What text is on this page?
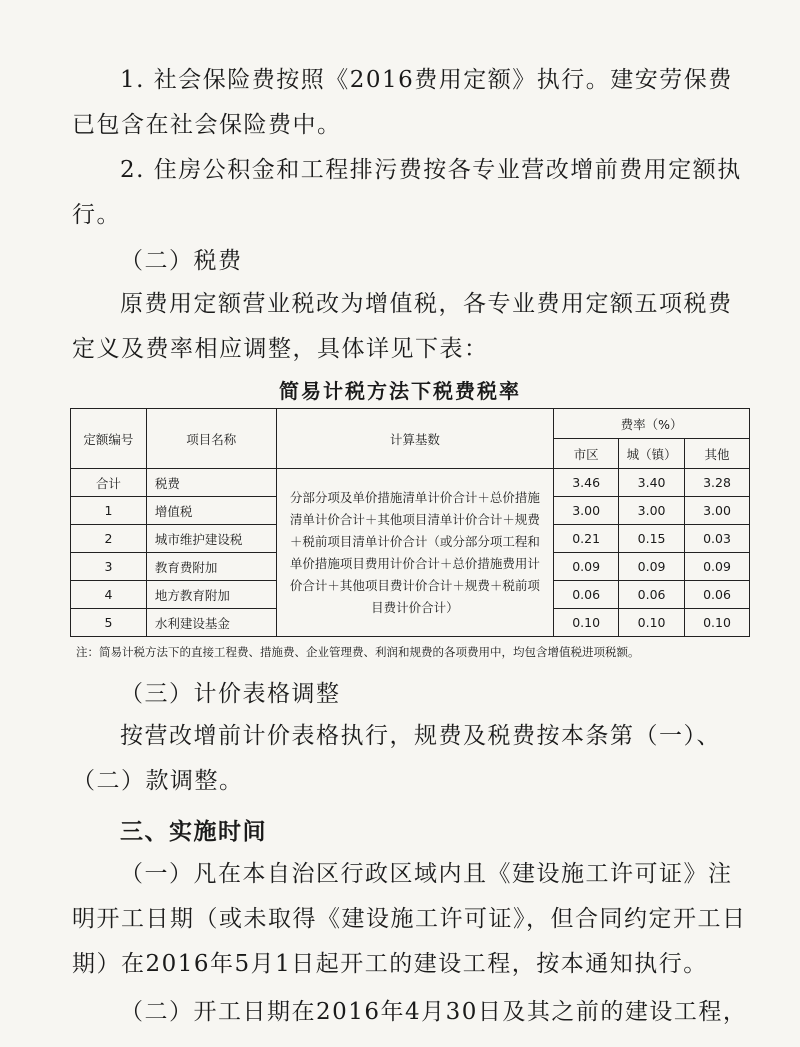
1. 社会保险费按照《2016费用定额》执行。建安劳保费已包含在社会保险费中。

2. 住房公积金和工程排污费按各专业营改增前费用定额执行。

（二）税费

原费用定额营业税改为增值税，各专业费用定额五项税费定义及费率相应调整，具体详见下表：

简易计税方法下税费税率
定额编号	项目名称	计算基数	费率（%）		
			市区	城（镇）	其他
合计	税费	分部分项及单价措施清单计价合计＋总价措施清单计价合计＋其他项目清单计价合计＋规费＋税前项目清单计价合计（或分部分项工程和单价措施项目费用计价合计＋总价措施费用计价合计＋其他项目费计价合计＋规费＋税前项目费计价合计）	3.46	3.40	3.28
1	增值税		3.00	3.00	3.00
2	城市维护建设税		0.21	0.15	0.03
3	教育费附加		0.09	0.09	0.09
4	地方教育附加		0.06	0.06	0.06
5	水利建设基金		0.10	0.10	0.10
注：简易计税方法下的直接工程费、措施费、企业管理费、利润和规费的各项费用中，均包含增值税进项税额。

（三）计价表格调整

按营改增前计价表格执行，规费及税费按本条第（一）、（二）款调整。

三、实施时间

（一）凡在本自治区行政区域内且《建设施工许可证》注明开工日期（或未取得《建设施工许可证》，但合同约定开工日期）在2016年5月1日起开工的建设工程，按本通知执行。

（二）开工日期在2016年4月30日及其之前的建设工程，
